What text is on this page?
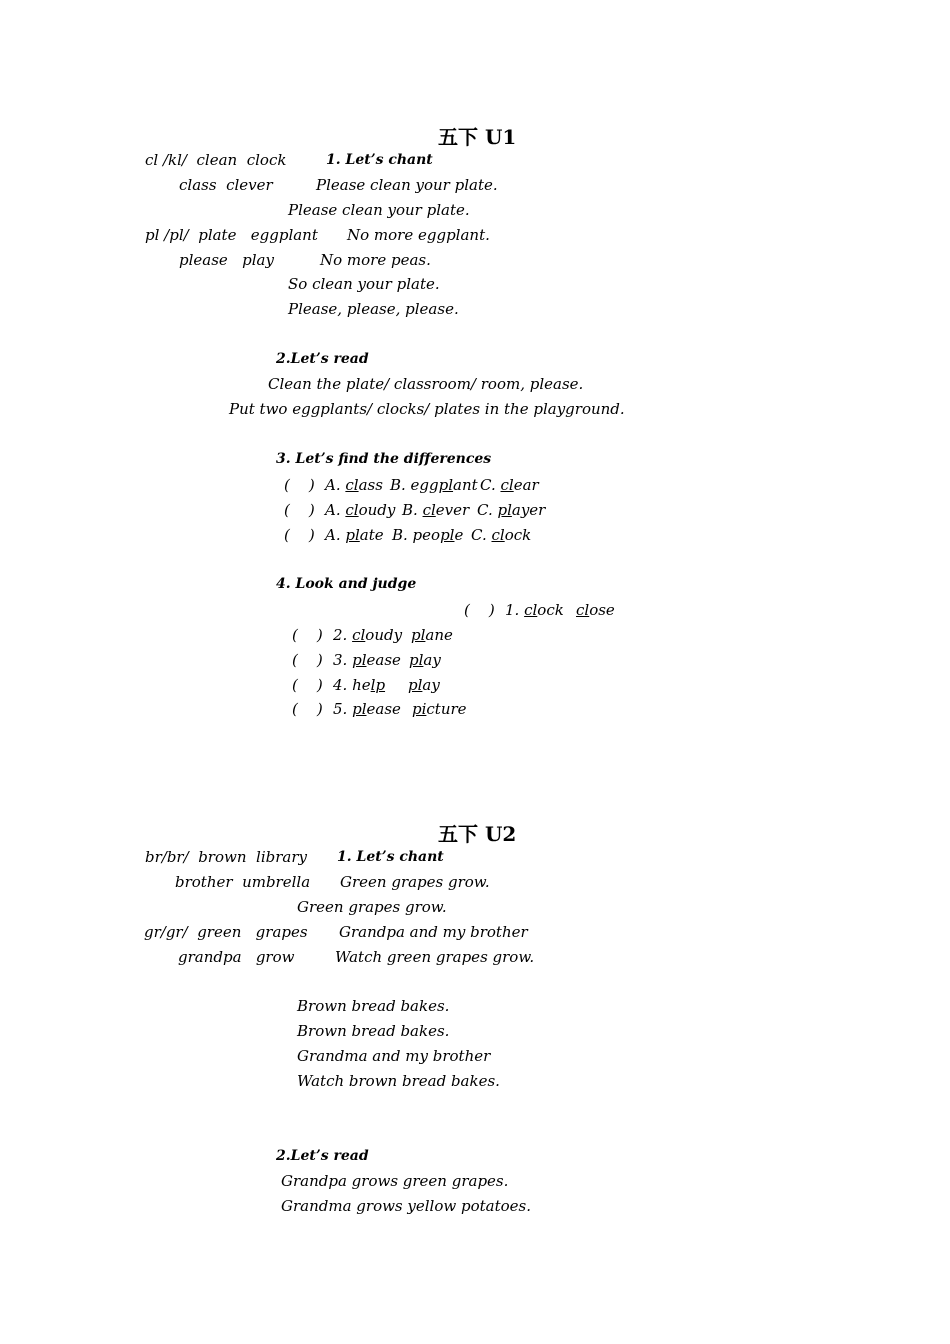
五下 U1
cl /kl/  clean  clock	1. Let’s chant
class  clever	Please clean your plate.
Please clean your plate.
pl /pl/  plate   eggplant No more eggplant.
please   play	No more peas.
So clean your plate.
Please, please, please.
2.Let’s read
Clean the plate/ classroom/ room, please.
Put two eggplants/ clocks/ plates in the playground.
3. Let’s find the differences
4. Look and judge
五下 U2
br/br/  brown  library 1. Let’s chant
brother  umbrella Green grapes grow.
Green grapes grow.
gr/gr/  green   grapes Grandpa and my brother
grandpa   grow	Watch green grapes grow.
Brown bread bakes.
Brown bread bakes.
Grandma and my brother
Watch brown bread bakes.
2.Let’s read
Grandpa grows green grapes.
Grandma grows yellow potatoes.
(    ) A. class B. eggplant C. clear
(    ) A. cloudy B. clever C. player
(    ) A. plate B. people C. clock
(    ) 1. clock close
(    ) 2. cloudy plane
(    ) 3. please play
(    ) 4. help play
(    ) 5. please picture
